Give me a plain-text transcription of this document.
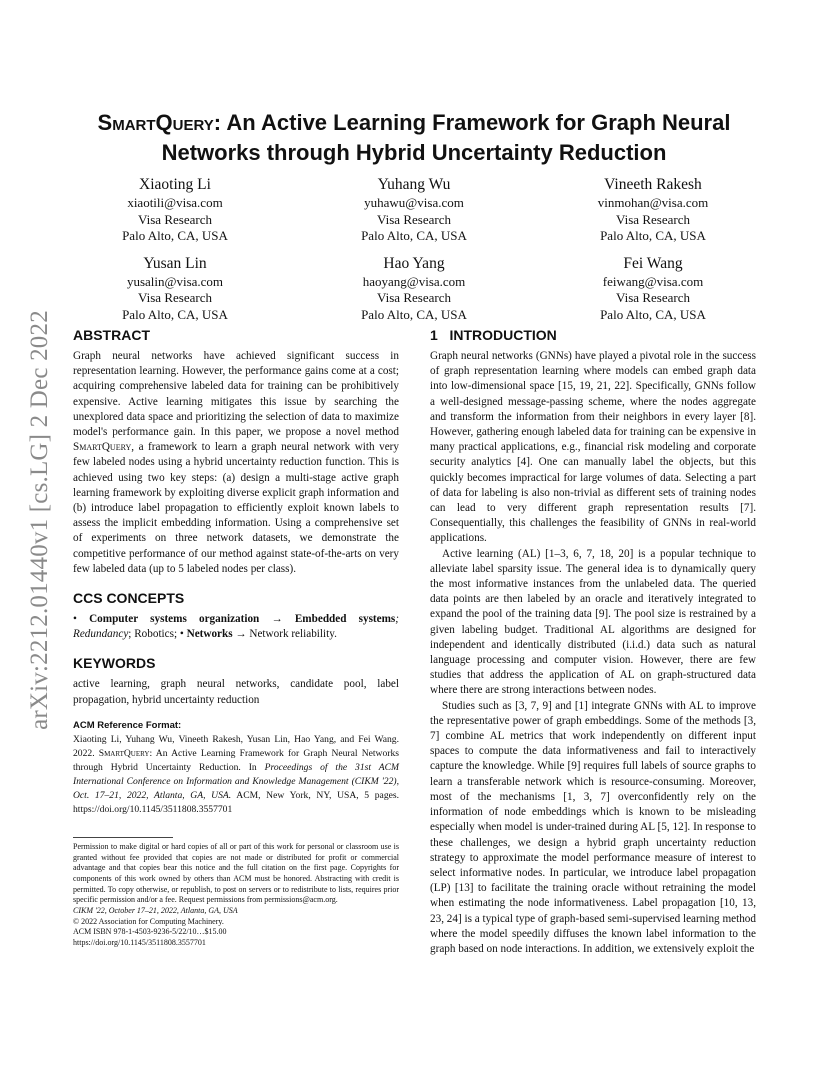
arXiv:2212.01440v1 [cs.LG] 2 Dec 2022
SmartQuery: An Active Learning Framework for Graph Neural Networks through Hybrid Uncertainty Reduction
Xiaoting Li
xiaotili@visa.com
Visa Research
Palo Alto, CA, USA
Yuhang Wu
yuhawu@visa.com
Visa Research
Palo Alto, CA, USA
Vineeth Rakesh
vinmohan@visa.com
Visa Research
Palo Alto, CA, USA
Yusan Lin
yusalin@visa.com
Visa Research
Palo Alto, CA, USA
Hao Yang
haoyang@visa.com
Visa Research
Palo Alto, CA, USA
Fei Wang
feiwang@visa.com
Visa Research
Palo Alto, CA, USA
ABSTRACT

Graph neural networks have achieved significant success in representation learning. However, the performance gains come at a cost; acquiring comprehensive labeled data for training can be prohibitively expensive. Active learning mitigates this issue by searching the unexplored data space and prioritizing the selection of data to maximize model's performance gain. In this paper, we propose a novel method SmartQuery, a framework to learn a graph neural network with very few labeled nodes using a hybrid uncertainty reduction function. This is achieved using two key steps: (a) design a multi-stage active graph learning framework by exploiting diverse explicit graph information and (b) introduce label propagation to efficiently exploit known labels to assess the implicit embedding information. Using a comprehensive set of experiments on three network datasets, we demonstrate the competitive performance of our method against state-of-the-arts on very few labeled data (up to 5 labeled nodes per class).

CCS CONCEPTS

• Computer systems organization → Embedded systems; Redundancy; Robotics; • Networks → Network reliability.

KEYWORDS

active learning, graph neural networks, candidate pool, label propagation, hybrid uncertainty reduction

ACM Reference Format:

Xiaoting Li, Yuhang Wu, Vineeth Rakesh, Yusan Lin, Hao Yang, and Fei Wang. 2022. SmartQuery: An Active Learning Framework for Graph Neural Networks through Hybrid Uncertainty Reduction. In Proceedings of the 31st ACM International Conference on Information and Knowledge Management (CIKM '22), Oct. 17–21, 2022, Atlanta, GA, USA. ACM, New York, NY, USA, 5 pages. https://doi.org/10.1145/3511808.3557701

Permission to make digital or hard copies of all or part of this work for personal or classroom use is granted without fee provided that copies are not made or distributed for profit or commercial advantage and that copies bear this notice and the full citation on the first page. Copyrights for components of this work owned by others than ACM must be honored. Abstracting with credit is permitted. To copy otherwise, or republish, to post on servers or to redistribute to lists, requires prior specific permission and/or a fee. Request permissions from permissions@acm.org.

CIKM '22, October 17–21, 2022, Atlanta, GA, USA

© 2022 Association for Computing Machinery.

ACM ISBN 978-1-4503-9236-5/22/10…$15.00

https://doi.org/10.1145/3511808.3557701

1   INTRODUCTION

Graph neural networks (GNNs) have played a pivotal role in the success of graph representation learning where models can embed graph data into low-dimensional space [15, 19, 21, 22]. Specifically, GNNs follow a well-designed message-passing scheme, where the nodes aggregate and transform the information from their neighbors in every layer [8]. However, gathering enough labeled data for training can be expensive in many practical applications, e.g., financial risk modeling and corporate security analytics [4]. One can manually label the objects, but this quickly becomes impractical for large volumes of data. Selecting a part of data for labeling is also non-trivial as different sets of training nodes can lead to very different graph representation results [7]. Consequentially, this challenges the feasibility of GNNs in real-world applications.

Active learning (AL) [1–3, 6, 7, 18, 20] is a popular technique to alleviate label sparsity issue. The general idea is to dynamically query the most informative instances from the unlabeled data. The queried data points are then labeled by an oracle and iteratively integrated to expand the pool of the training data [9]. The pool size is restrained by a given labeling budget. Traditional AL algorithms are designed for independent and identically distributed (i.i.d.) data such as natural language processing and computer vision. However, there are few studies that address the application of AL on graph-structured data where there are strong interactions between nodes.

Studies such as [3, 7, 9] and [1] integrate GNNs with AL to improve the representative power of graph embeddings. Some of the methods [3, 7] combine AL metrics that work independently on different input spaces to compute the data informativeness and fail to interactively capture the knowledge. While [9] requires full labels of source graphs to learn a transferable network which is resource-consuming. Moreover, most of the mechanisms [1, 3, 7] overconfidently rely on the information of node embeddings which is known to be misleading especially when model is under-trained during AL [5, 12]. In response to these challenges, we design a hybrid graph uncertainty reduction strategy to approximate the model performance measure of interest to select informative nodes. In particular, we introduce label propagation (LP) [13] to facilitate the training oracle without retraining the model when estimating the node informativeness. Label propagation [10, 13, 23, 24] is a typical type of graph-based semi-supervised learning method where the model speedily diffuses the known label information to the graph based on node interactions. In addition, we extensively exploit the
